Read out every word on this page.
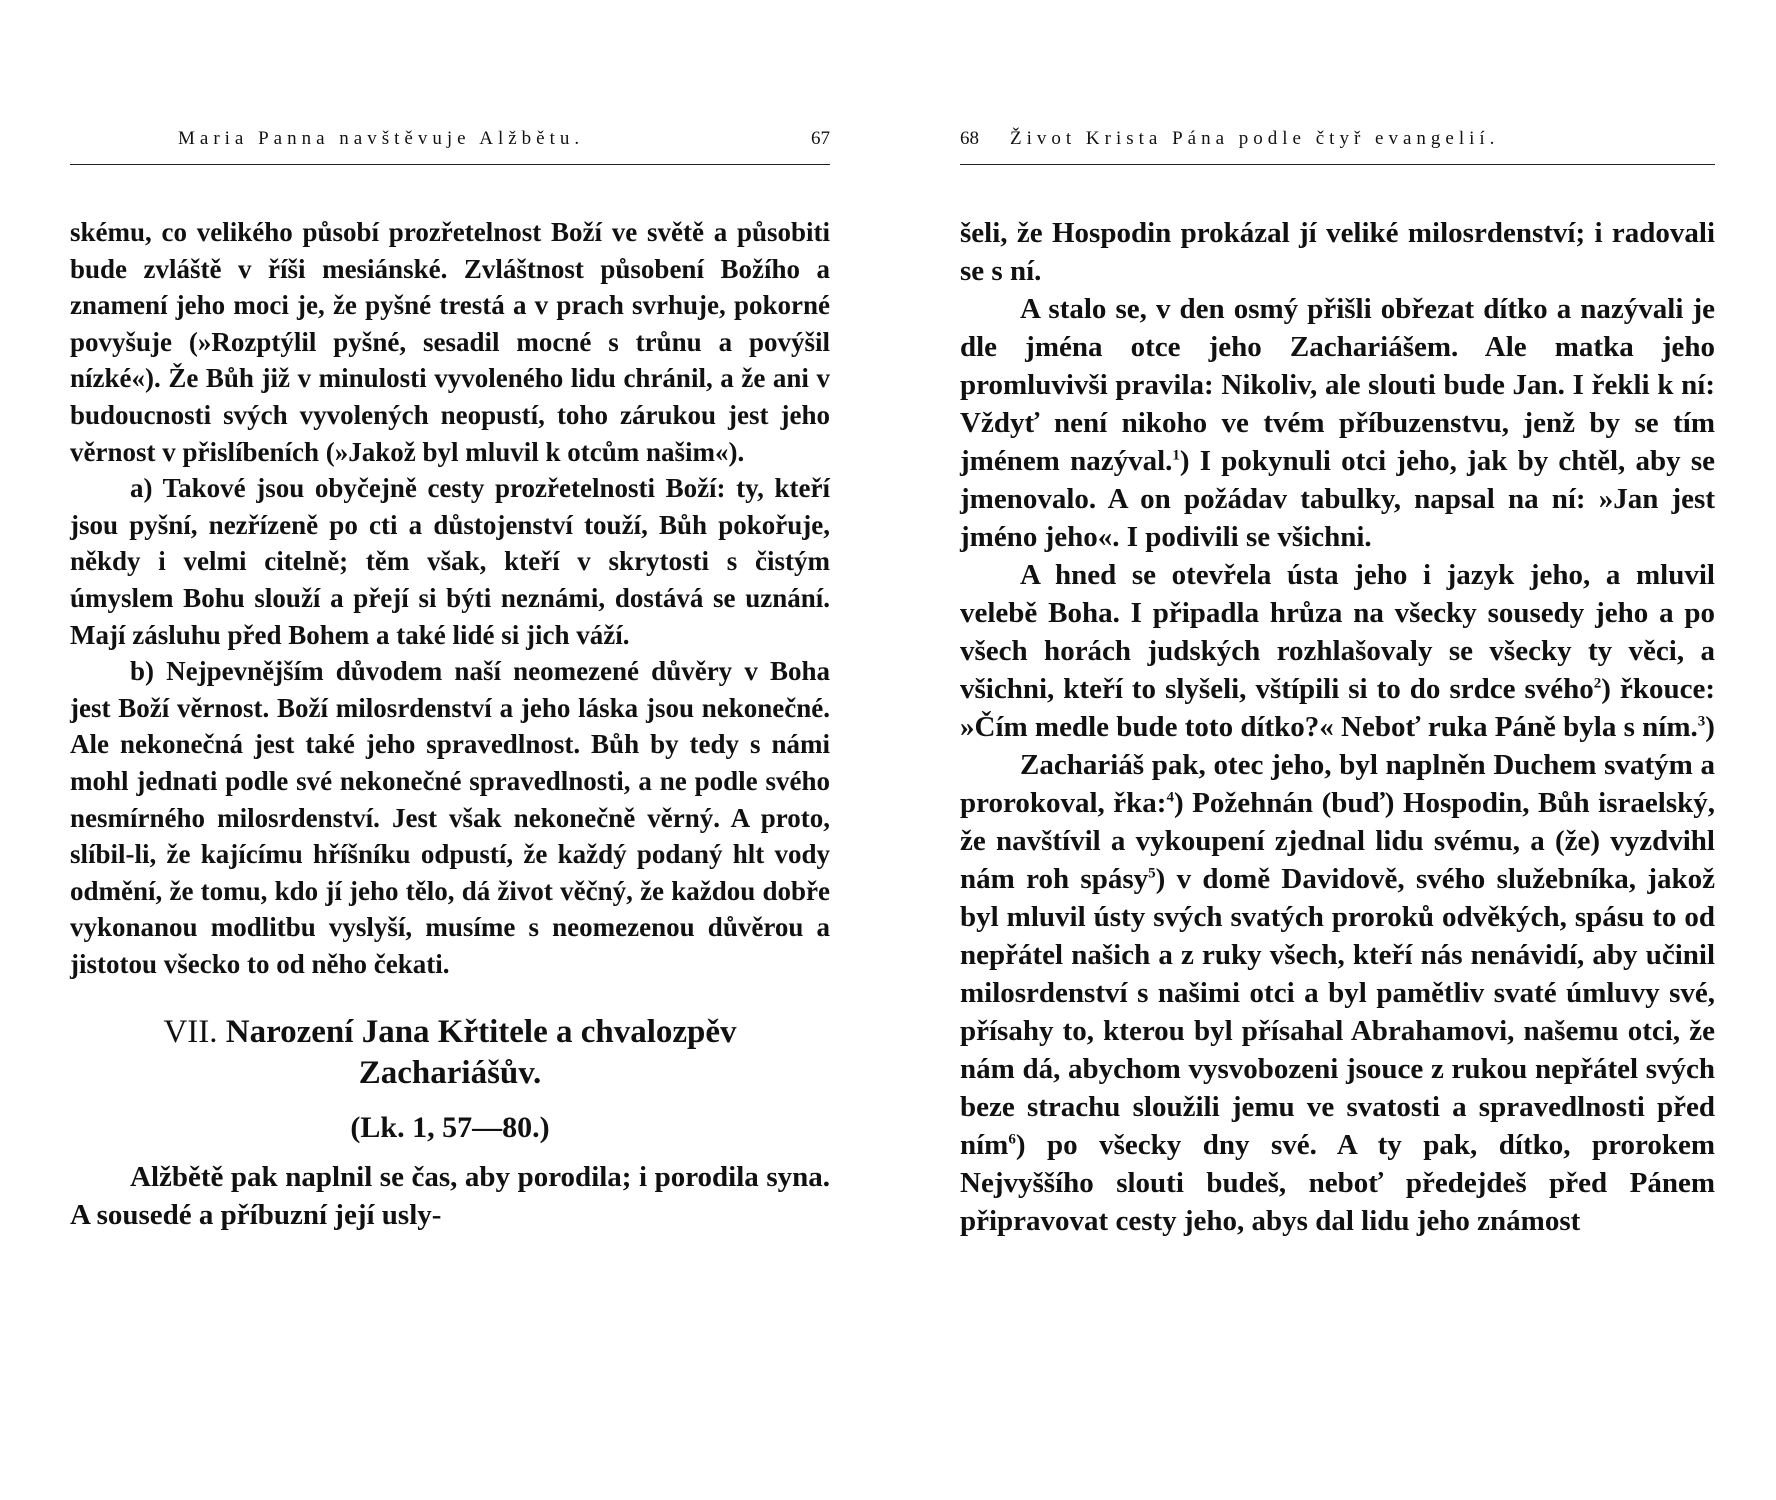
Maria Panna navštěvuje Alžbětu.	67

skému, co velikého působí prozřetelnost Boží ve světě a působiti bude zvláště v říši mesiánské. Zvláštnost působení Božího a znamení jeho moci je, že pyšné trestá a v prach svrhuje, pokorné povyšuje (»Rozptýlil pyšné, sesadil mocné s trůnu a povýšil nízké«). Že Bůh již v minulosti vyvoleného lidu chránil, a že ani v budoucnosti svých vyvolených neopustí, toho zárukou jest jeho věrnost v přislíbeních (»Jakož byl mluvil k otcům našim«).

a) Takové jsou obyčejně cesty prozřetelnosti Boží: ty, kteří jsou pyšní, nezřízeně po cti a důstojenství touží, Bůh pokořuje, někdy i velmi citelně; těm však, kteří v skrytosti s čistým úmyslem Bohu slouží a přejí si býti neznámi, dostává se uznání. Mají zásluhu před Bohem a také lidé si jich váží.

b) Nejpevnějším důvodem naší neomezené důvěry v Boha jest Boží věrnost. Boží milosrdenství a jeho láska jsou nekonečné. Ale nekonečná jest také jeho spravedlnost. Bůh by tedy s námi mohl jednati podle své nekonečné spravedlnosti, a ne podle svého nesmírného milosrdenství. Jest však nekonečně věrný. A proto, slíbil-li, že kajícímu hříšníku odpustí, že každý podaný hlt vody odmění, že tomu, kdo jí jeho tělo, dá život věčný, že každou dobře vykonanou modlitbu vyslyší, musíme s neomezenou důvěrou a jistotou všecko to od něho čekati.

VII. Narození Jana Křtitele a chvalozpěv Zachariášův.
(Lk. 1, 57—80.)

Alžbětě pak naplnil se čas, aby porodila; i porodila syna. A sousedé a příbuzní její usly-

68 Život Krista Pána podle čtyř evangelií.

šeli, že Hospodin prokázal jí veliké milosrdenství; i radovali se s ní.

A stalo se, v den osmý přišli obřezat dítko a nazývali je dle jména otce jeho Zachariášem. Ale matka jeho promluvivši pravila: Nikoliv, ale slouti bude Jan. I řekli k ní: Vždyť není nikoho ve tvém příbuzenstvu, jenž by se tím jménem nazýval.$^1$) I pokynuli otci jeho, jak by chtěl, aby se jmenovalo. A on požádav tabulky, napsal na ní: »Jan jest jméno jeho«. I podivili se všichni.

A hned se otevřela ústa jeho i jazyk jeho, a mluvil velebě Boha. I připadla hrůza na všecky sousedy jeho a po všech horách judských rozhlašovaly se všecky ty věci, a všichni, kteří to slyšeli, vštípili si to do srdce svého$^2$) řkouce: »Čím medle bude toto dítko?« Neboť ruka Páně byla s ním.$^3$)

Zachariáš pak, otec jeho, byl naplněn Duchem svatým a prorokoval, řka:$^4$) Požehnán (buď) Hospodin, Bůh israelský, že navštívil a vykoupení zjednal lidu svému, a (že) vyzdvihl nám roh spásy$^5$) v domě Davidově, svého služebníka, jakož byl mluvil ústy svých svatých proroků odvěkých, spásu to od nepřátel našich a z ruky všech, kteří nás nenávidí, aby učinil milosrdenství s našimi otci a byl pamětliv svaté úmluvy své, přísahy to, kterou byl přísahal Abrahamovi, našemu otci, že nám dá, abychom vysvobozeni jsouce z rukou nepřátel svých beze strachu sloužili jemu ve svatosti a spravedlnosti před ním$^6$) po všecky dny své. A ty pak, dítko, prorokem Nejvyššího slouti budeš, neboť předejdeš před Pánem připravovat cesty jeho, abys dal lidu jeho známost
